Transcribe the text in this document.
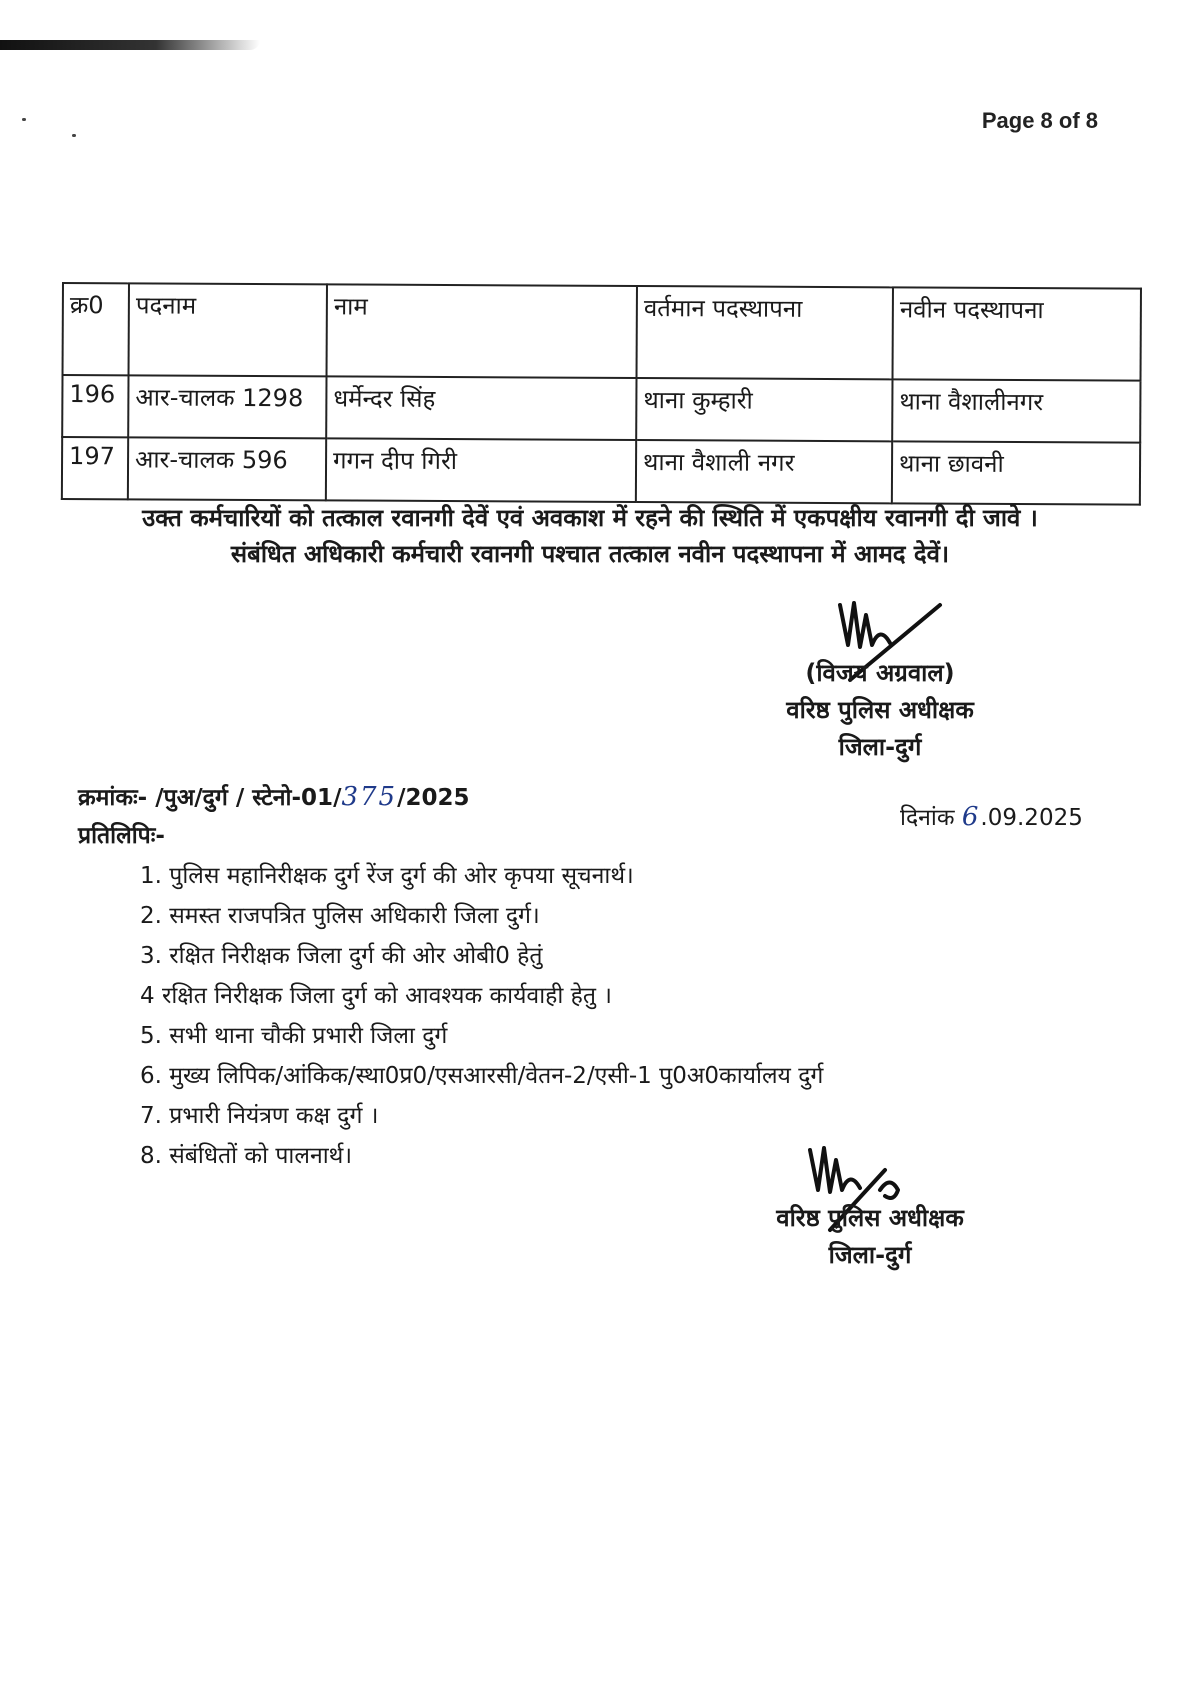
Page 8 of 8
क्र0	पदनाम	नाम	वर्तमान पदस्थापना	नवीन पदस्थापना
196	आर-चालक 1298	धर्मेन्दर सिंह	थाना कुम्हारी	थाना वैशालीनगर
197	आर-चालक 596	गगन दीप गिरी	थाना वैशाली नगर	थाना छावनी
उक्त कर्मचारियों को तत्काल रवानगी देवें एवं अवकाश में रहने की स्थिति में एकपक्षीय रवानगी दी जावे ।
संबंधित अधिकारी कर्मचारी रवानगी पश्चात तत्काल नवीन पदस्थापना में आमद देवें।
(विजय अग्रवाल)
वरिष्ठ पुलिस अधीक्षक
जिला-दुर्ग
क्रमांकः- /पुअ/दुर्ग / स्टेनो-01/375/2025
दिनांक 6.09.2025
प्रतिलिपिः-
1. पुलिस महानिरीक्षक दुर्ग रेंज दुर्ग की ओर कृपया सूचनार्थ।
2. समस्त राजपत्रित पुलिस अधिकारी जिला दुर्ग।
3. रक्षित निरीक्षक जिला दुर्ग की ओर ओबी0 हेतुं
4 रक्षित निरीक्षक जिला दुर्ग को आवश्यक कार्यवाही हेतु ।
5. सभी थाना चौकी प्रभारी जिला दुर्ग
6. मुख्य लिपिक/आंकिक/स्था0प्र0/एसआरसी/वेतन-2/एसी-1 पु0अ0कार्यालय दुर्ग
7. प्रभारी नियंत्रण कक्ष दुर्ग ।
8. संबंधितों को पालनार्थ।
वरिष्ठ पुलिस अधीक्षक
जिला-दुर्ग
